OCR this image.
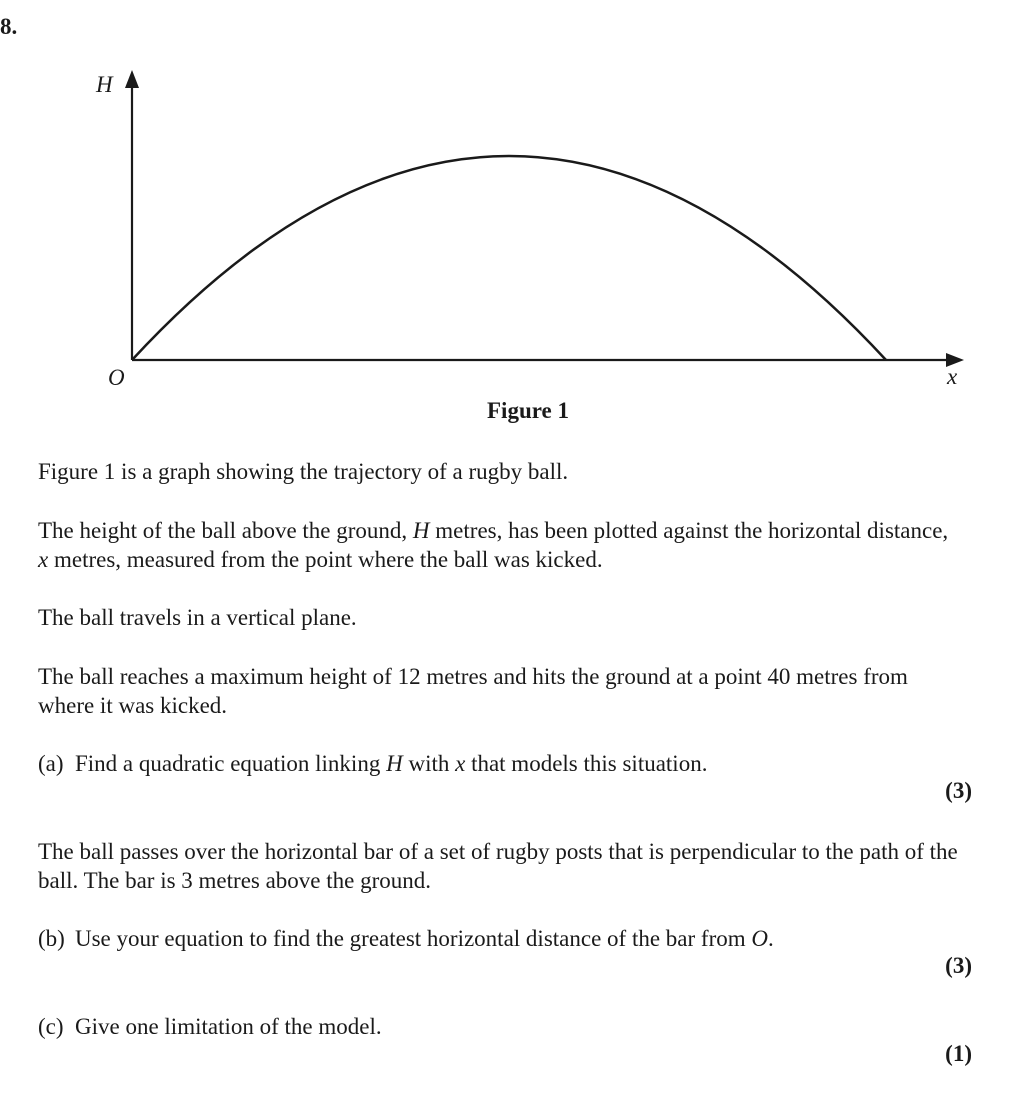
8.
H
x
O
Figure 1

Figure 1 is a graph showing the trajectory of a rugby ball.

The height of the ball above the ground, H metres, has been plotted against the horizontal distance, x metres, measured from the point where the ball was kicked.

The ball travels in a vertical plane.

The ball reaches a maximum height of 12 metres and hits the ground at a point 40 metres from where it was kicked.

(a) Find a quadratic equation linking H with x that models this situation.

(3)

The ball passes over the horizontal bar of a set of rugby posts that is perpendicular to the path of the ball. The bar is 3 metres above the ground.

(b) Use your equation to find the greatest horizontal distance of the bar from O.

(3)

(c) Give one limitation of the model.

(1)
